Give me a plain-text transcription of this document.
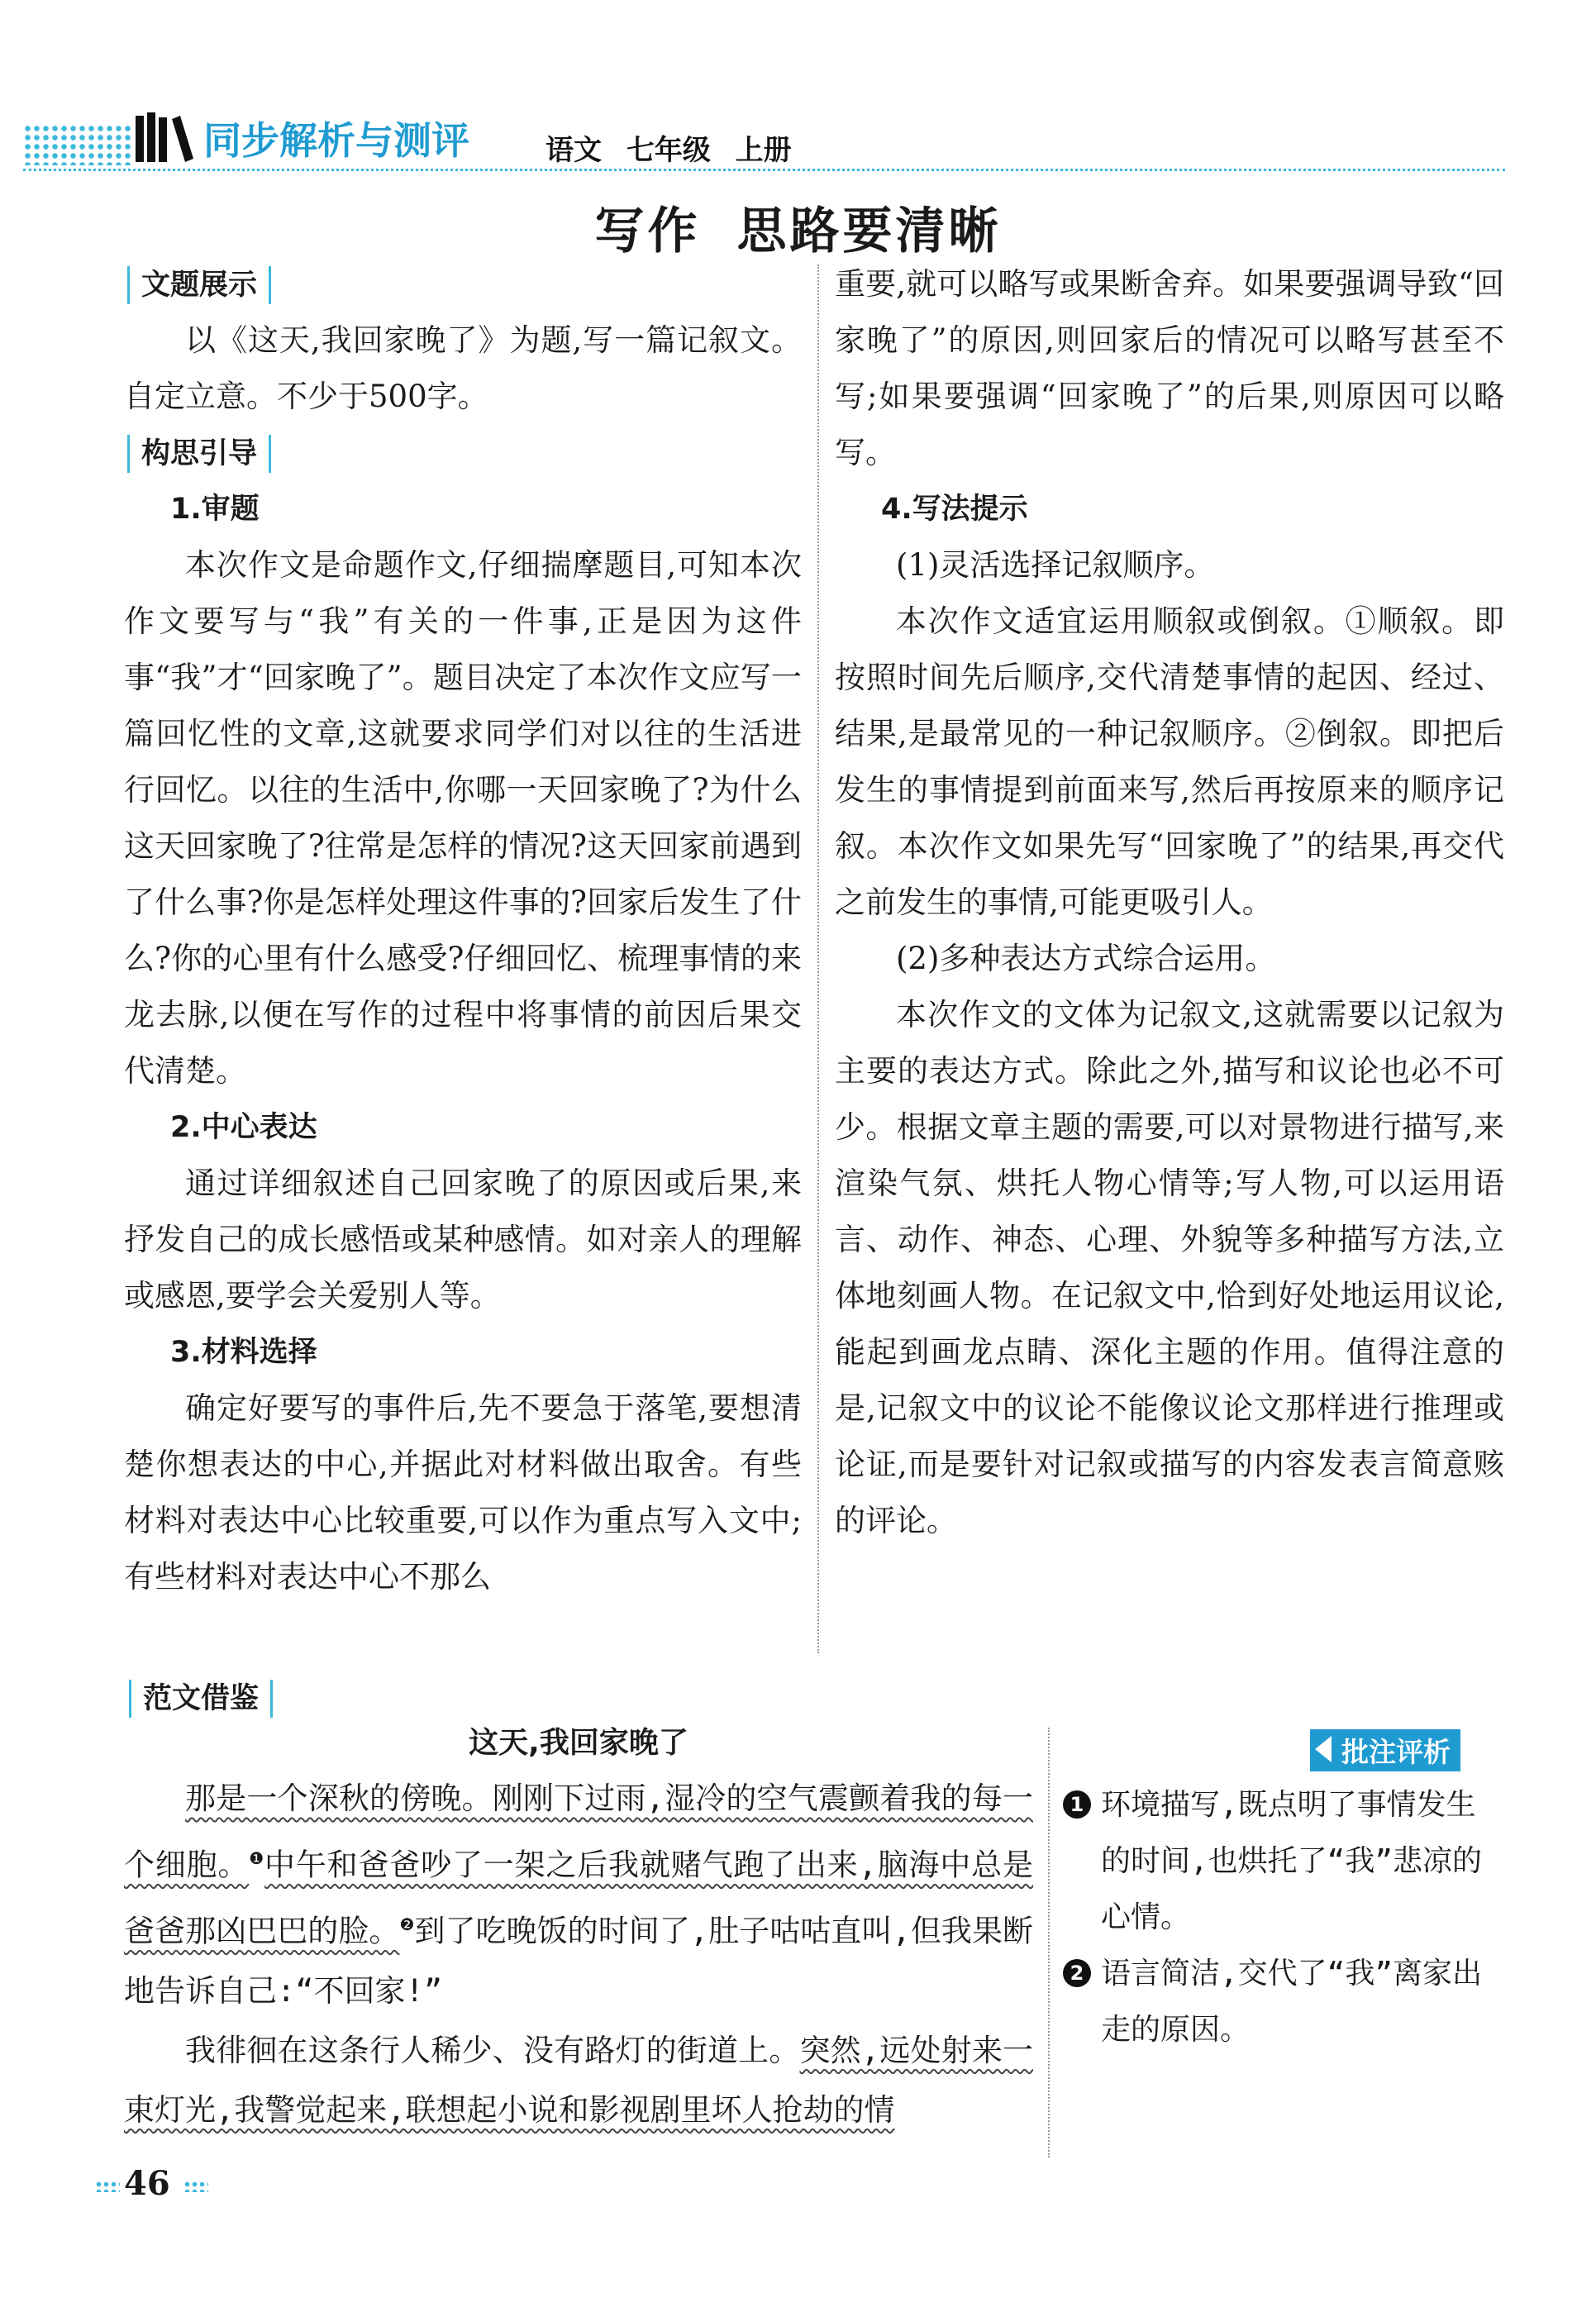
同步解析与测评	语文 七年级 上册
写作 思路要清晰
文题展示

以《这天,我回家晚了》为题,写一篇记叙文。自定立意。不少于500字。

构思引导

1.审题

本次作文是命题作文,仔细揣摩题目,可知本次作文要写与“我”有关的一件事,正是因为这件事“我”才“回家晚了”。题目决定了本次作文应写一篇回忆性的文章,这就要求同学们对以往的生活进行回忆。以往的生活中,你哪一天回家晚了?为什么这天回家晚了?往常是怎样的情况?这天回家前遇到了什么事?你是怎样处理这件事的?回家后发生了什么?你的心里有什么感受?仔细回忆、梳理事情的来龙去脉,以便在写作的过程中将事情的前因后果交代清楚。

2.中心表达

通过详细叙述自己回家晚了的原因或后果,来抒发自己的成长感悟或某种感情。如对亲人的理解或感恩,要学会关爱别人等。

3.材料选择

确定好要写的事件后,先不要急于落笔,要想清楚你想表达的中心,并据此对材料做出取舍。有些材料对表达中心比较重要,可以作为重点写入文中;有些材料对表达中心不那么

重要,就可以略写或果断舍弃。如果要强调导致“回家晚了”的原因,则回家后的情况可以略写甚至不写;如果要强调“回家晚了”的后果,则原因可以略写。

4.写法提示

(1)灵活选择记叙顺序。

本次作文适宜运用顺叙或倒叙。①顺叙。即按照时间先后顺序,交代清楚事情的起因、经过、结果,是最常见的一种记叙顺序。②倒叙。即把后发生的事情提到前面来写,然后再按原来的顺序记叙。本次作文如果先写“回家晚了”的结果,再交代之前发生的事情,可能更吸引人。

(2)多种表达方式综合运用。

本次作文的文体为记叙文,这就需要以记叙为主要的表达方式。除此之外,描写和议论也必不可少。根据文章主题的需要,可以对景物进行描写,来渲染气氛、烘托人物心情等;写人物,可以运用语言、动作、神态、心理、外貌等多种描写方法,立体地刻画人物。在记叙文中,恰到好处地运用议论,能起到画龙点睛、深化主题的作用。值得注意的是,记叙文中的议论不能像议论文那样进行推理或论证,而是要针对记叙或描写的内容发表言简意赅的评论。

范文借鉴
这天,我回家晚了

那是一个深秋的傍晚。刚刚下过雨,湿冷的空气震颤着我的每一个细胞。$^❶$中午和爸爸吵了一架之后我就赌气跑了出来,脑海中总是爸爸那凶巴巴的脸。$^❷$到了吃晚饭的时间了,肚子咕咕直叫,但我果断地告诉自己:“不回家!”

我徘徊在这条行人稀少、没有路灯的街道上。突然,远处射来一束灯光,我警觉起来,联想起小说和影视剧里坏人抢劫的情

批注评析
1 环境描写,既点明了事情发生的时间,也烘托了“我”悲凉的心情。
2 语言简洁,交代了“我”离家出走的原因。
46
